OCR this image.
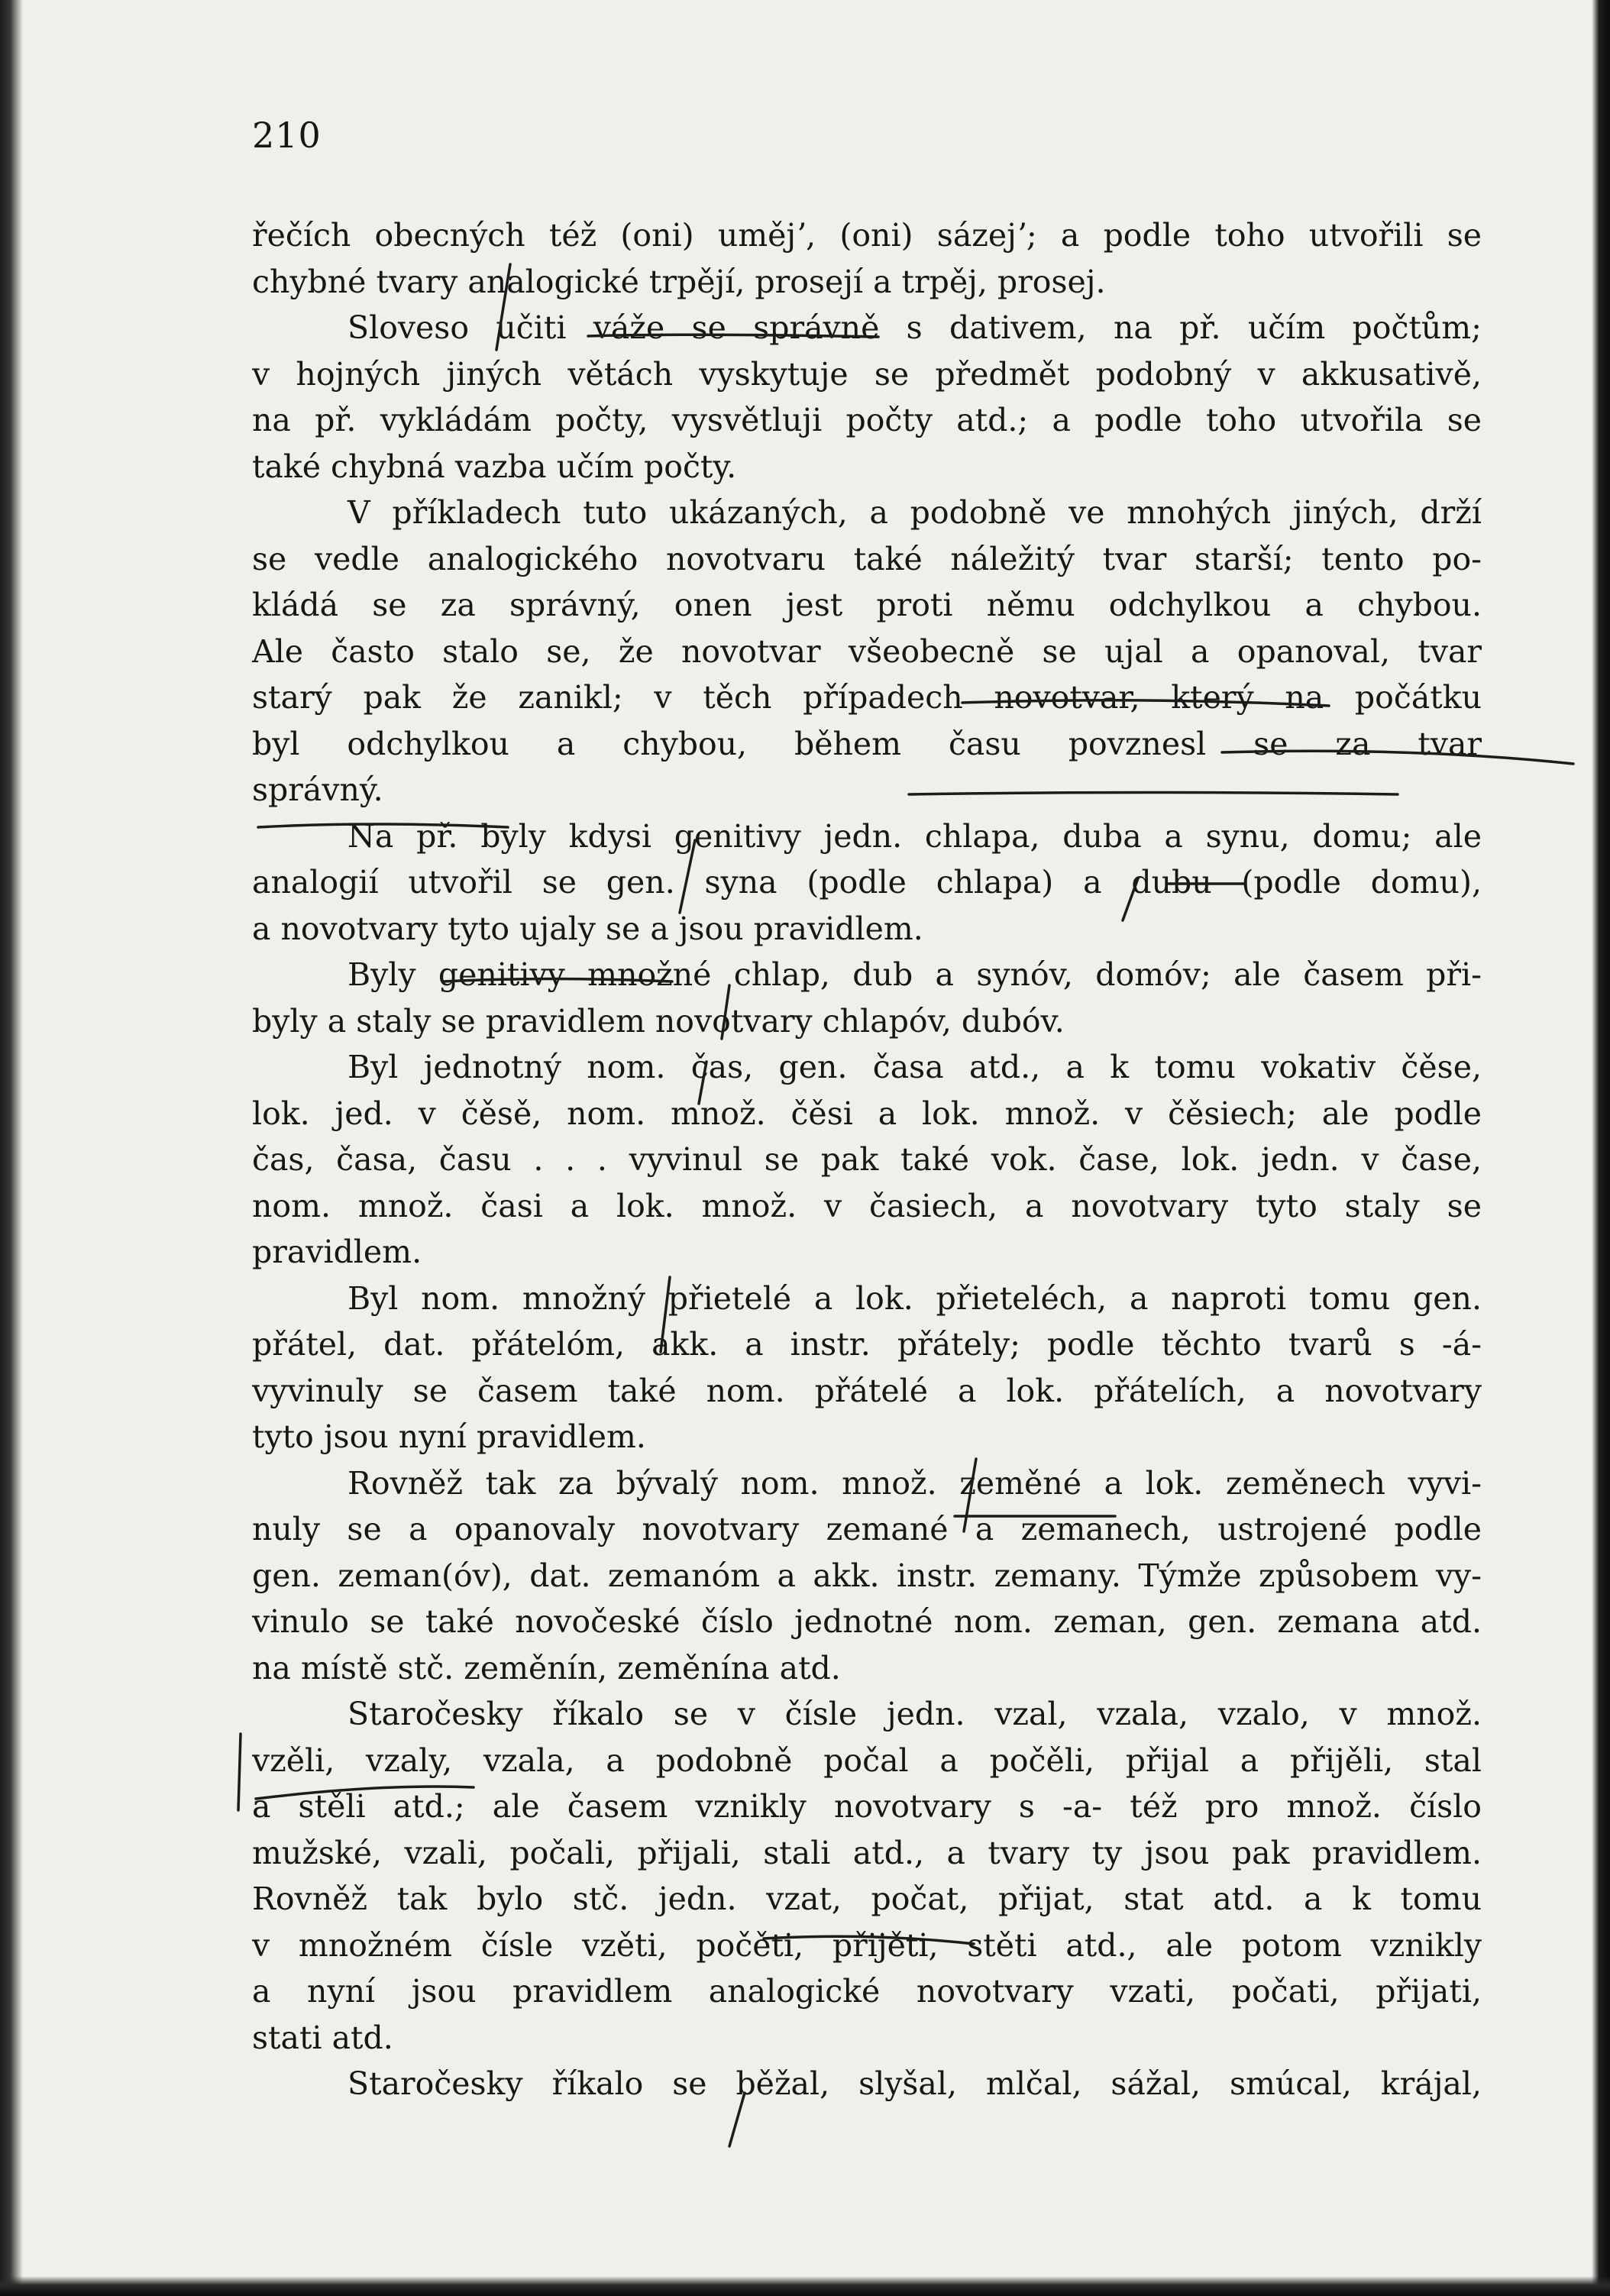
210
řečích obecných též (oni) umějʼ, (oni) sázejʼ; a podle toho utvořili se
chybné tvary analogické trpějí, prosejí a trpěj, prosej.
Sloveso učiti váže se správně s dativem, na př. učím počtům;
v hojných jiných větách vyskytuje se předmět podobný v akkusativě,
na př. vykládám počty, vysvětluji počty atd.; a podle toho utvořila se
také chybná vazba učím počty.
V příkladech tuto ukázaných, a podobně ve mnohých jiných, drží
se vedle analogického novotvaru také náležitý tvar starší; tento po-
kládá se za správný, onen jest proti němu odchylkou a chybou.
Ale často stalo se, že novotvar všeobecně se ujal a opanoval, tvar
starý pak že zanikl; v těch případech novotvar, který na počátku
byl odchylkou a chybou, během času povznesl se za tvar
správný.
Na př. byly kdysi genitivy jedn. chlapa, duba a synu, domu; ale
analogií utvořil se gen. syna (podle chlapa) a dubu (podle domu),
a novotvary tyto ujaly se a jsou pravidlem.
Byly genitivy množné chlap, dub a synóv, domóv; ale časem při-
byly a staly se pravidlem novotvary chlapóv, dubóv.
Byl jednotný nom. čas, gen. časa atd., a k tomu vokativ čěse,
lok. jed. v čěsě, nom. množ. čěsi a lok. množ. v čěsiech; ale podle
čas, časa, času . . . vyvinul se pak také vok. čase, lok. jedn. v čase,
nom. množ. časi a lok. množ. v časiech, a novotvary tyto staly se
pravidlem.
Byl nom. množný přietelé a lok. přieteléch, a naproti tomu gen.
přátel, dat. přátelóm, akk. a instr. přátely; podle těchto tvarů s -á-
vyvinuly se časem také nom. přátelé a lok. přátelích, a novotvary
tyto jsou nyní pravidlem.
Rovněž tak za bývalý nom. množ. zeměné a lok. zeměnech vyvi-
nuly se a opanovaly novotvary zemané a zemanech, ustrojené podle
gen. zeman(óv), dat. zemanóm a akk. instr. zemany. Týmže způsobem vy-
vinulo se také novočeské číslo jednotné nom. zeman, gen. zemana atd.
na místě stč. zeměnín, zeměnína atd.
Staročesky říkalo se v čísle jedn. vzal, vzala, vzalo, v množ.
vzěli, vzaly, vzala, a podobně počal a počěli, přijal a přijěli, stal
a stěli atd.; ale časem vznikly novotvary s -a- též pro množ. číslo
mužské, vzali, počali, přijali, stali atd., a tvary ty jsou pak pravidlem.
Rovněž tak bylo stč. jedn. vzat, počat, přijat, stat atd. a k tomu
v množném čísle vzěti, počěti, přijěti, stěti atd., ale potom vznikly
a nyní jsou pravidlem analogické novotvary vzati, počati, přijati,
stati atd.
Staročesky říkalo se běžal, slyšal, mlčal, sážal, smúcal, krájal,
